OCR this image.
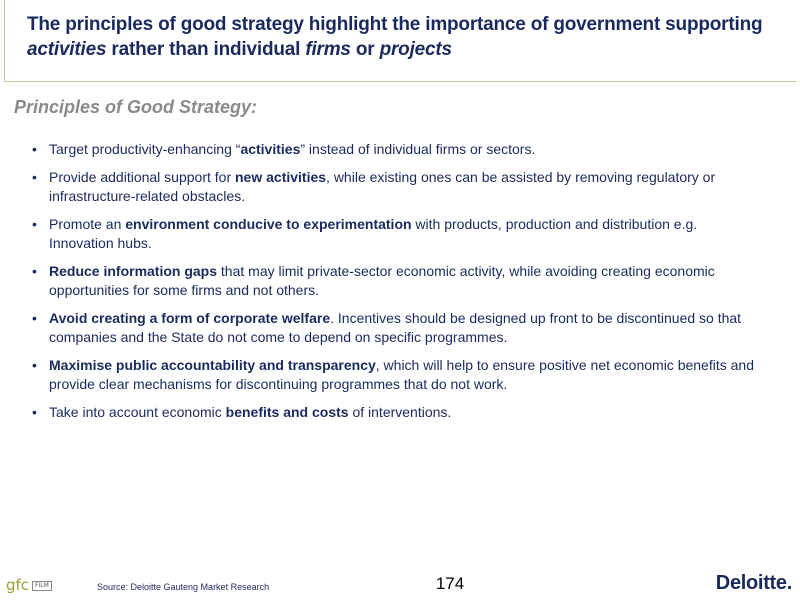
The principles of good strategy highlight the importance of government supporting
activities rather than individual firms or projects
Principles of Good Strategy:
• Target productivity-enhancing “activities” instead of individual firms or sectors.
• Provide additional support for new activities, while existing ones can be assisted by removing regulatory or infrastructure-related obstacles.
• Promote an environment conducive to experimentation with products, production and distribution e.g. Innovation hubs.
• Reduce information gaps that may limit private-sector economic activity, while avoiding creating economic opportunities for some firms and not others.
• Avoid creating a form of corporate welfare. Incentives should be designed up front to be discontinued so that companies and the State do not come to depend on specific programmes.
• Maximise public accountability and transparency, which will help to ensure positive net economic benefits and provide clear mechanisms for discontinuing programmes that do not work.
• Take into account economic benefits and costs of interventions.
gfc FILM	Source: Deloitte Gauteng Market Research	174	Deloitte.
